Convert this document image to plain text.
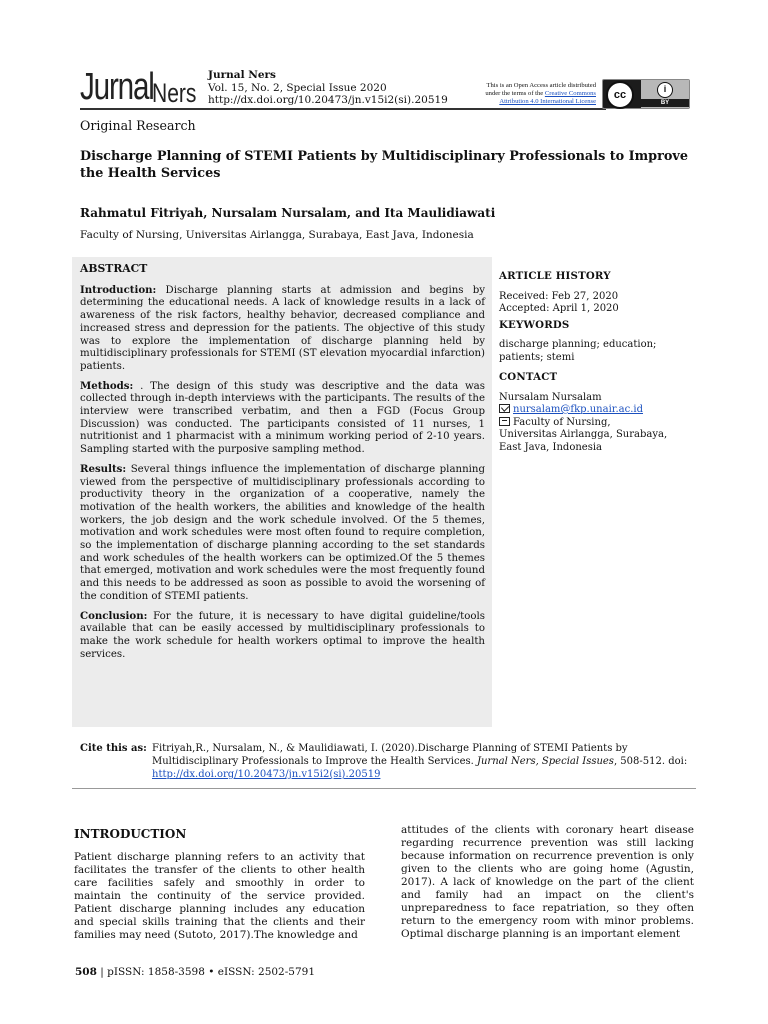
Jurnal
Ners
Jurnal Ners
Vol. 15, No. 2, Special Issue 2020
http://dx.doi.org/10.20473/jn.v15i2(si).20519
This is an Open Access article distributed
under the terms of the Creative Commons
Attribution 4.0 International License
cc	i
BY
Original Research
Discharge Planning of STEMI Patients by Multidisciplinary Professionals to Improve the Health Services
Rahmatul Fitriyah, Nursalam Nursalam, and Ita Maulidiawati
Faculty of Nursing, Universitas Airlangga, Surabaya, East Java, Indonesia
ABSTRACT

Introduction: Discharge planning starts at admission and begins by determining the educational needs. A lack of knowledge results in a lack of awareness of the risk factors, healthy behavior, decreased compliance and increased stress and depression for the patients. The objective of this study was to explore the implementation of discharge planning held by multidisciplinary professionals for STEMI (ST elevation myocardial infarction) patients.

Methods: . The design of this study was descriptive and the data was collected through in-depth interviews with the participants. The results of the interview were transcribed verbatim, and then a FGD (Focus Group Discussion) was conducted. The participants consisted of 11 nurses, 1 nutritionist and 1 pharmacist with a minimum working period of 2-10 years. Sampling started with the purposive sampling method.

Results: Several things influence the implementation of discharge planning viewed from the perspective of multidisciplinary professionals according to productivity theory in the organization of a cooperative, namely the motivation of the health workers, the abilities and knowledge of the health workers, the job design and the work schedule involved. Of the 5 themes, motivation and work schedules were most often found to require completion, so the implementation of discharge planning according to the set standards and work schedules of the health workers can be optimized.Of the 5 themes that emerged, motivation and work schedules were the most frequently found and this needs to be addressed as soon as possible to avoid the worsening of the condition of STEMI patients.

Conclusion: For the future, it is necessary to have digital guideline/tools available that can be easily accessed by multidisciplinary professionals to make the work schedule for health workers optimal to improve the health services.

ARTICLE HISTORY
Received: Feb 27, 2020
Accepted: April 1, 2020
KEYWORDS
discharge planning; education; patients; stemi
CONTACT
Nursalam Nursalam
nursalam@fkp.unair.ac.id
Faculty of Nursing, Universitas Airlangga, Surabaya, East Java, Indonesia
Cite this as: Fitriyah,R., Nursalam, N., & Maulidiawati, I. (2020).Discharge Planning of STEMI Patients by Multidisciplinary Professionals to Improve the Health Services. Jurnal Ners, Special Issues, 508-512. doi:
http://dx.doi.org/10.20473/jn.v15i2(si).20519
INTRODUCTION

Patient discharge planning refers to an activity that facilitates the transfer of the clients to other health care facilities safely and smoothly in order to maintain the continuity of the service provided. Patient discharge planning includes any education and special skills training that the clients and their families may need (Sutoto, 2017).The knowledge and

attitudes of the clients with coronary heart disease regarding recurrence prevention was still lacking because information on recurrence prevention is only given to the clients who are going home (Agustin, 2017). A lack of knowledge on the part of the client and family had an impact on the client's unpreparedness to face repatriation, so they often return to the emergency room with minor problems. Optimal discharge planning is an important element

508 | pISSN: 1858-3598 • eISSN: 2502-5791
